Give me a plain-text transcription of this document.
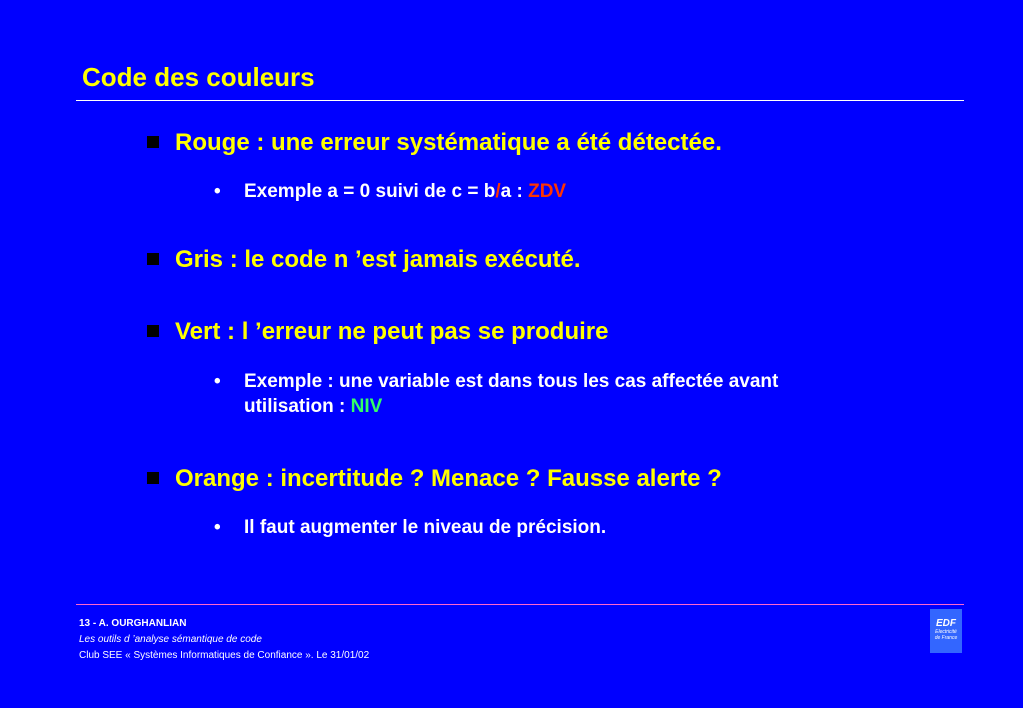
Code des couleurs
Rouge : une erreur systématique a été détectée.
• Exemple a = 0 suivi de c = b/a : ZDV
Gris : le code n ’est jamais exécuté.
Vert : l ’erreur ne peut pas se produire
• Exemple : une variable est dans tous les cas affectée avant
utilisation : NIV
Orange : incertitude ? Menace ? Fausse alerte ?
• Il faut augmenter le niveau de précision.
13 - A. OURGHANLIAN
Les outils d ’analyse sémantique de code
Club SEE « Systèmes Informatiques de Confiance ». Le 31/01/02
EDF
Electricité
de France
